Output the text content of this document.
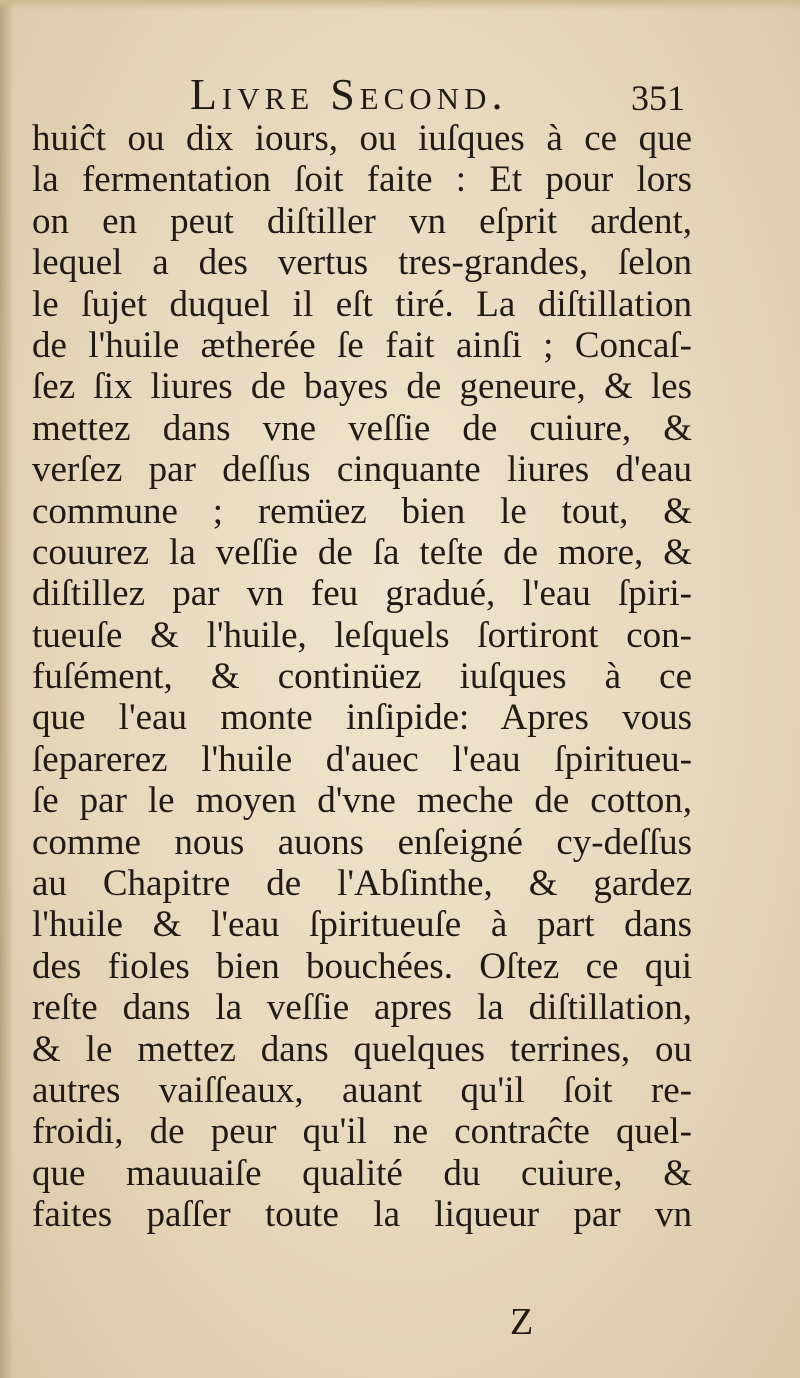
Livre Second.	351
huiĉt ou dix iours, ou iuſques à ce que
la fermentation ſoit faite : Et pour lors
on en peut diſtiller vn eſprit ardent,
lequel a des vertus tres-grandes, ſelon
le ſujet duquel il eſt tiré. La diſtillation
de l'huile ætherée ſe fait ainſi ; Concaſ-
ſez ſix liures de bayes de geneure, & les
mettez dans vne veſſie de cuiure, &
verſez par deſſus cinquante liures d'eau
commune ; remüez bien le tout, &
couurez la veſſie de ſa teſte de more, &
diſtillez par vn feu gradué, l'eau ſpiri-
tueuſe & l'huile, leſquels ſortiront con-
fuſément, & continüez iuſques à ce
que l'eau monte inſipide: Apres vous
ſeparerez l'huile d'auec l'eau ſpiritueu-
ſe par le moyen d'vne meche de cotton,
comme nous auons enſeigné cy-deſſus
au Chapitre de l'Abſinthe, & gardez
l'huile & l'eau ſpiritueuſe à part dans
des fioles bien bouchées. Oſtez ce qui
reſte dans la veſſie apres la diſtillation,
& le mettez dans quelques terrines, ou
autres vaiſſeaux, auant qu'il ſoit re-
froidi, de peur qu'il ne contraĉte quel-
que mauuaiſe qualité du cuiure, &
faites paſſer toute la liqueur par vn
Z
